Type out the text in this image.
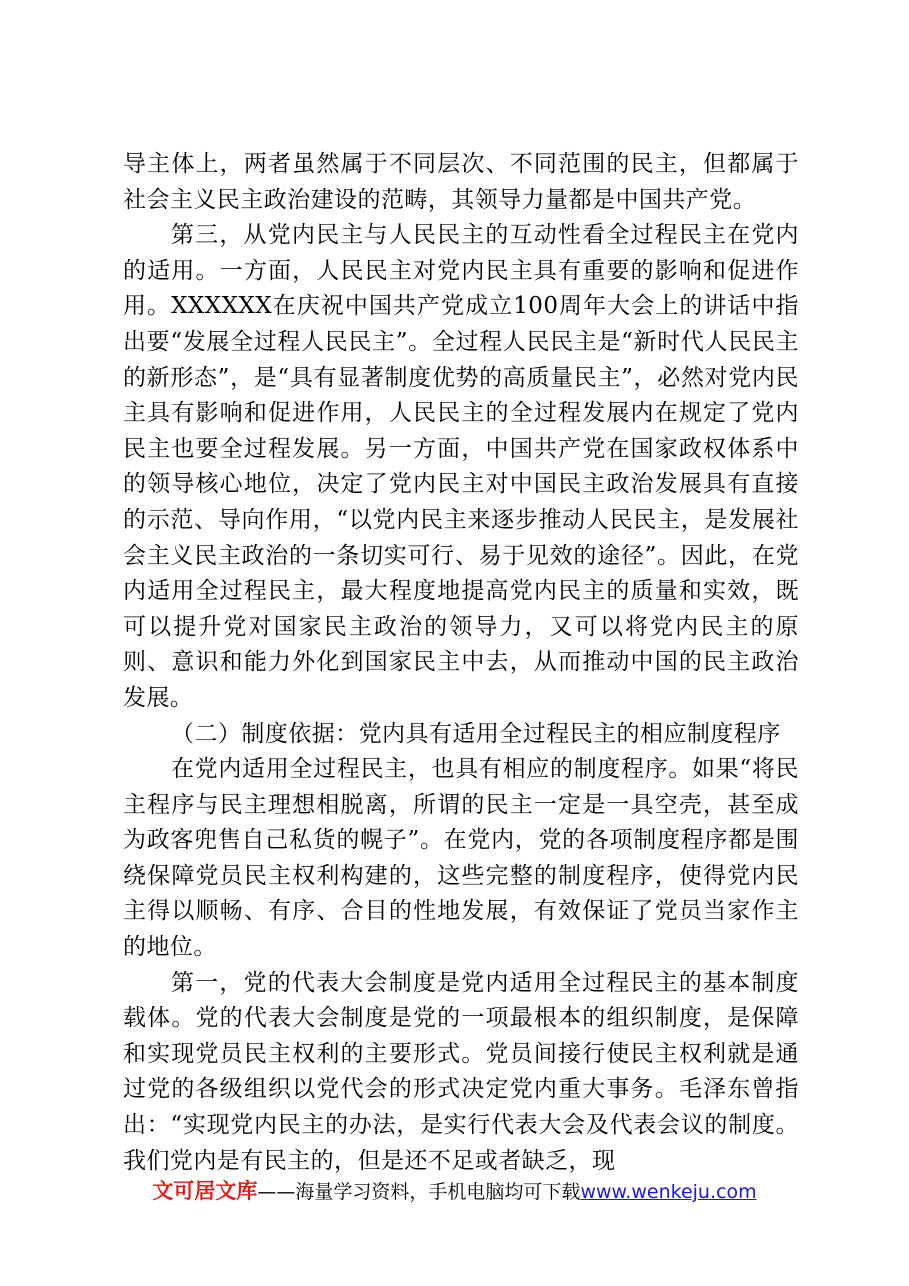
导主体上，两者虽然属于不同层次、不同范围的民主，但都属于社会主义民主政治建设的范畴，其领导力量都是中国共产党。

第三，从党内民主与人民民主的互动性看全过程民主在党内的适用。一方面，人民民主对党内民主具有重要的影响和促进作用。XXXXXX在庆祝中国共产党成立100周年大会上的讲话中指出要“发展全过程人民民主”。全过程人民民主是“新时代人民民主的新形态”，是“具有显著制度优势的高质量民主”，必然对党内民主具有影响和促进作用，人民民主的全过程发展内在规定了党内民主也要全过程发展。另一方面，中国共产党在国家政权体系中的领导核心地位，决定了党内民主对中国民主政治发展具有直接的示范、导向作用，“以党内民主来逐步推动人民民主，是发展社会主义民主政治的一条切实可行、易于见效的途径”。因此，在党内适用全过程民主，最大程度地提高党内民主的质量和实效，既可以提升党对国家民主政治的领导力，又可以将党内民主的原则、意识和能力外化到国家民主中去，从而推动中国的民主政治发展。

（二）制度依据：党内具有适用全过程民主的相应制度程序

在党内适用全过程民主，也具有相应的制度程序。如果“将民主程序与民主理想相脱离，所谓的民主一定是一具空壳，甚至成为政客兜售自己私货的幌子”。在党内，党的各项制度程序都是围绕保障党员民主权利构建的，这些完整的制度程序，使得党内民主得以顺畅、有序、合目的性地发展，有效保证了党员当家作主的地位。

第一，党的代表大会制度是党内适用全过程民主的基本制度载体。党的代表大会制度是党的一项最根本的组织制度，是保障和实现党员民主权利的主要形式。党员间接行使民主权利就是通过党的各级组织以党代会的形式决定党内重大事务。毛泽东曾指出：“实现党内民主的办法，是实行代表大会及代表会议的制度。我们党内是有民主的，但是还不足或者缺乏，现

文可居文库——海量学习资料，手机电脑均可下载www.wenkeju.com
